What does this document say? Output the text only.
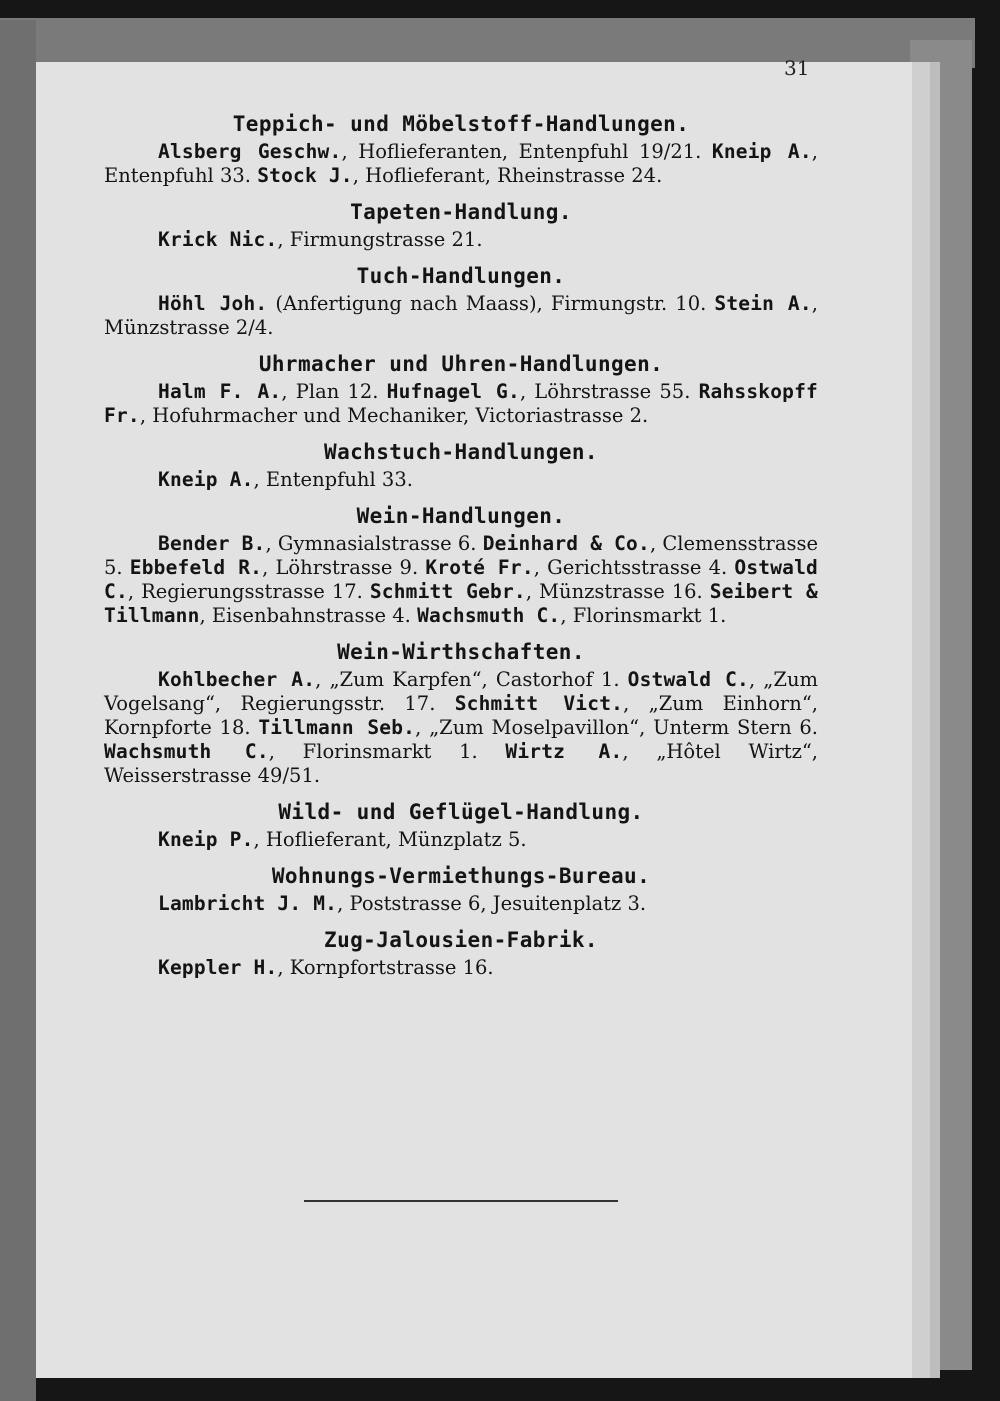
31
Teppich- und Möbelstoff-Handlungen.
Alsberg Geschw., Hoflieferanten, Entenpfuhl 19/21. Kneip A., Entenpfuhl 33. Stock J., Hoflieferant, Rheinstrasse 24.
Tapeten-Handlung.
Krick Nic., Firmungstrasse 21.
Tuch-Handlungen.
Höhl Joh. (Anfertigung nach Maass), Firmungstr. 10. Stein A., Münzstrasse 2/4.
Uhrmacher und Uhren-Handlungen.
Halm F. A., Plan 12. Hufnagel G., Löhrstrasse 55. Rahsskopff Fr., Hofuhrmacher und Mechaniker, Victoriastrasse 2.
Wachstuch-Handlungen.
Kneip A., Entenpfuhl 33.
Wein-Handlungen.
Bender B., Gymnasialstrasse 6. Deinhard & Co., Clemensstrasse 5. Ebbefeld R., Löhrstrasse 9. Kroté Fr., Gerichtsstrasse 4. Ostwald C., Regierungsstrasse 17. Schmitt Gebr., Münzstrasse 16. Seibert & Tillmann, Eisenbahnstrasse 4. Wachsmuth C., Florinsmarkt 1.
Wein-Wirthschaften.
Kohlbecher A., „Zum Karpfen“, Castorhof 1. Ostwald C., „Zum Vogelsang“, Regierungsstr. 17. Schmitt Vict., „Zum Einhorn“, Kornpforte 18. Tillmann Seb., „Zum Moselpavillon“, Unterm Stern 6. Wachsmuth C., Florinsmarkt 1. Wirtz A., „Hôtel Wirtz“, Weisserstrasse 49/51.
Wild- und Geflügel-Handlung.
Kneip P., Hoflieferant, Münzplatz 5.
Wohnungs-Vermiethungs-Bureau.
Lambricht J. M., Poststrasse 6, Jesuitenplatz 3.
Zug-Jalousien-Fabrik.
Keppler H., Kornpfortstrasse 16.
